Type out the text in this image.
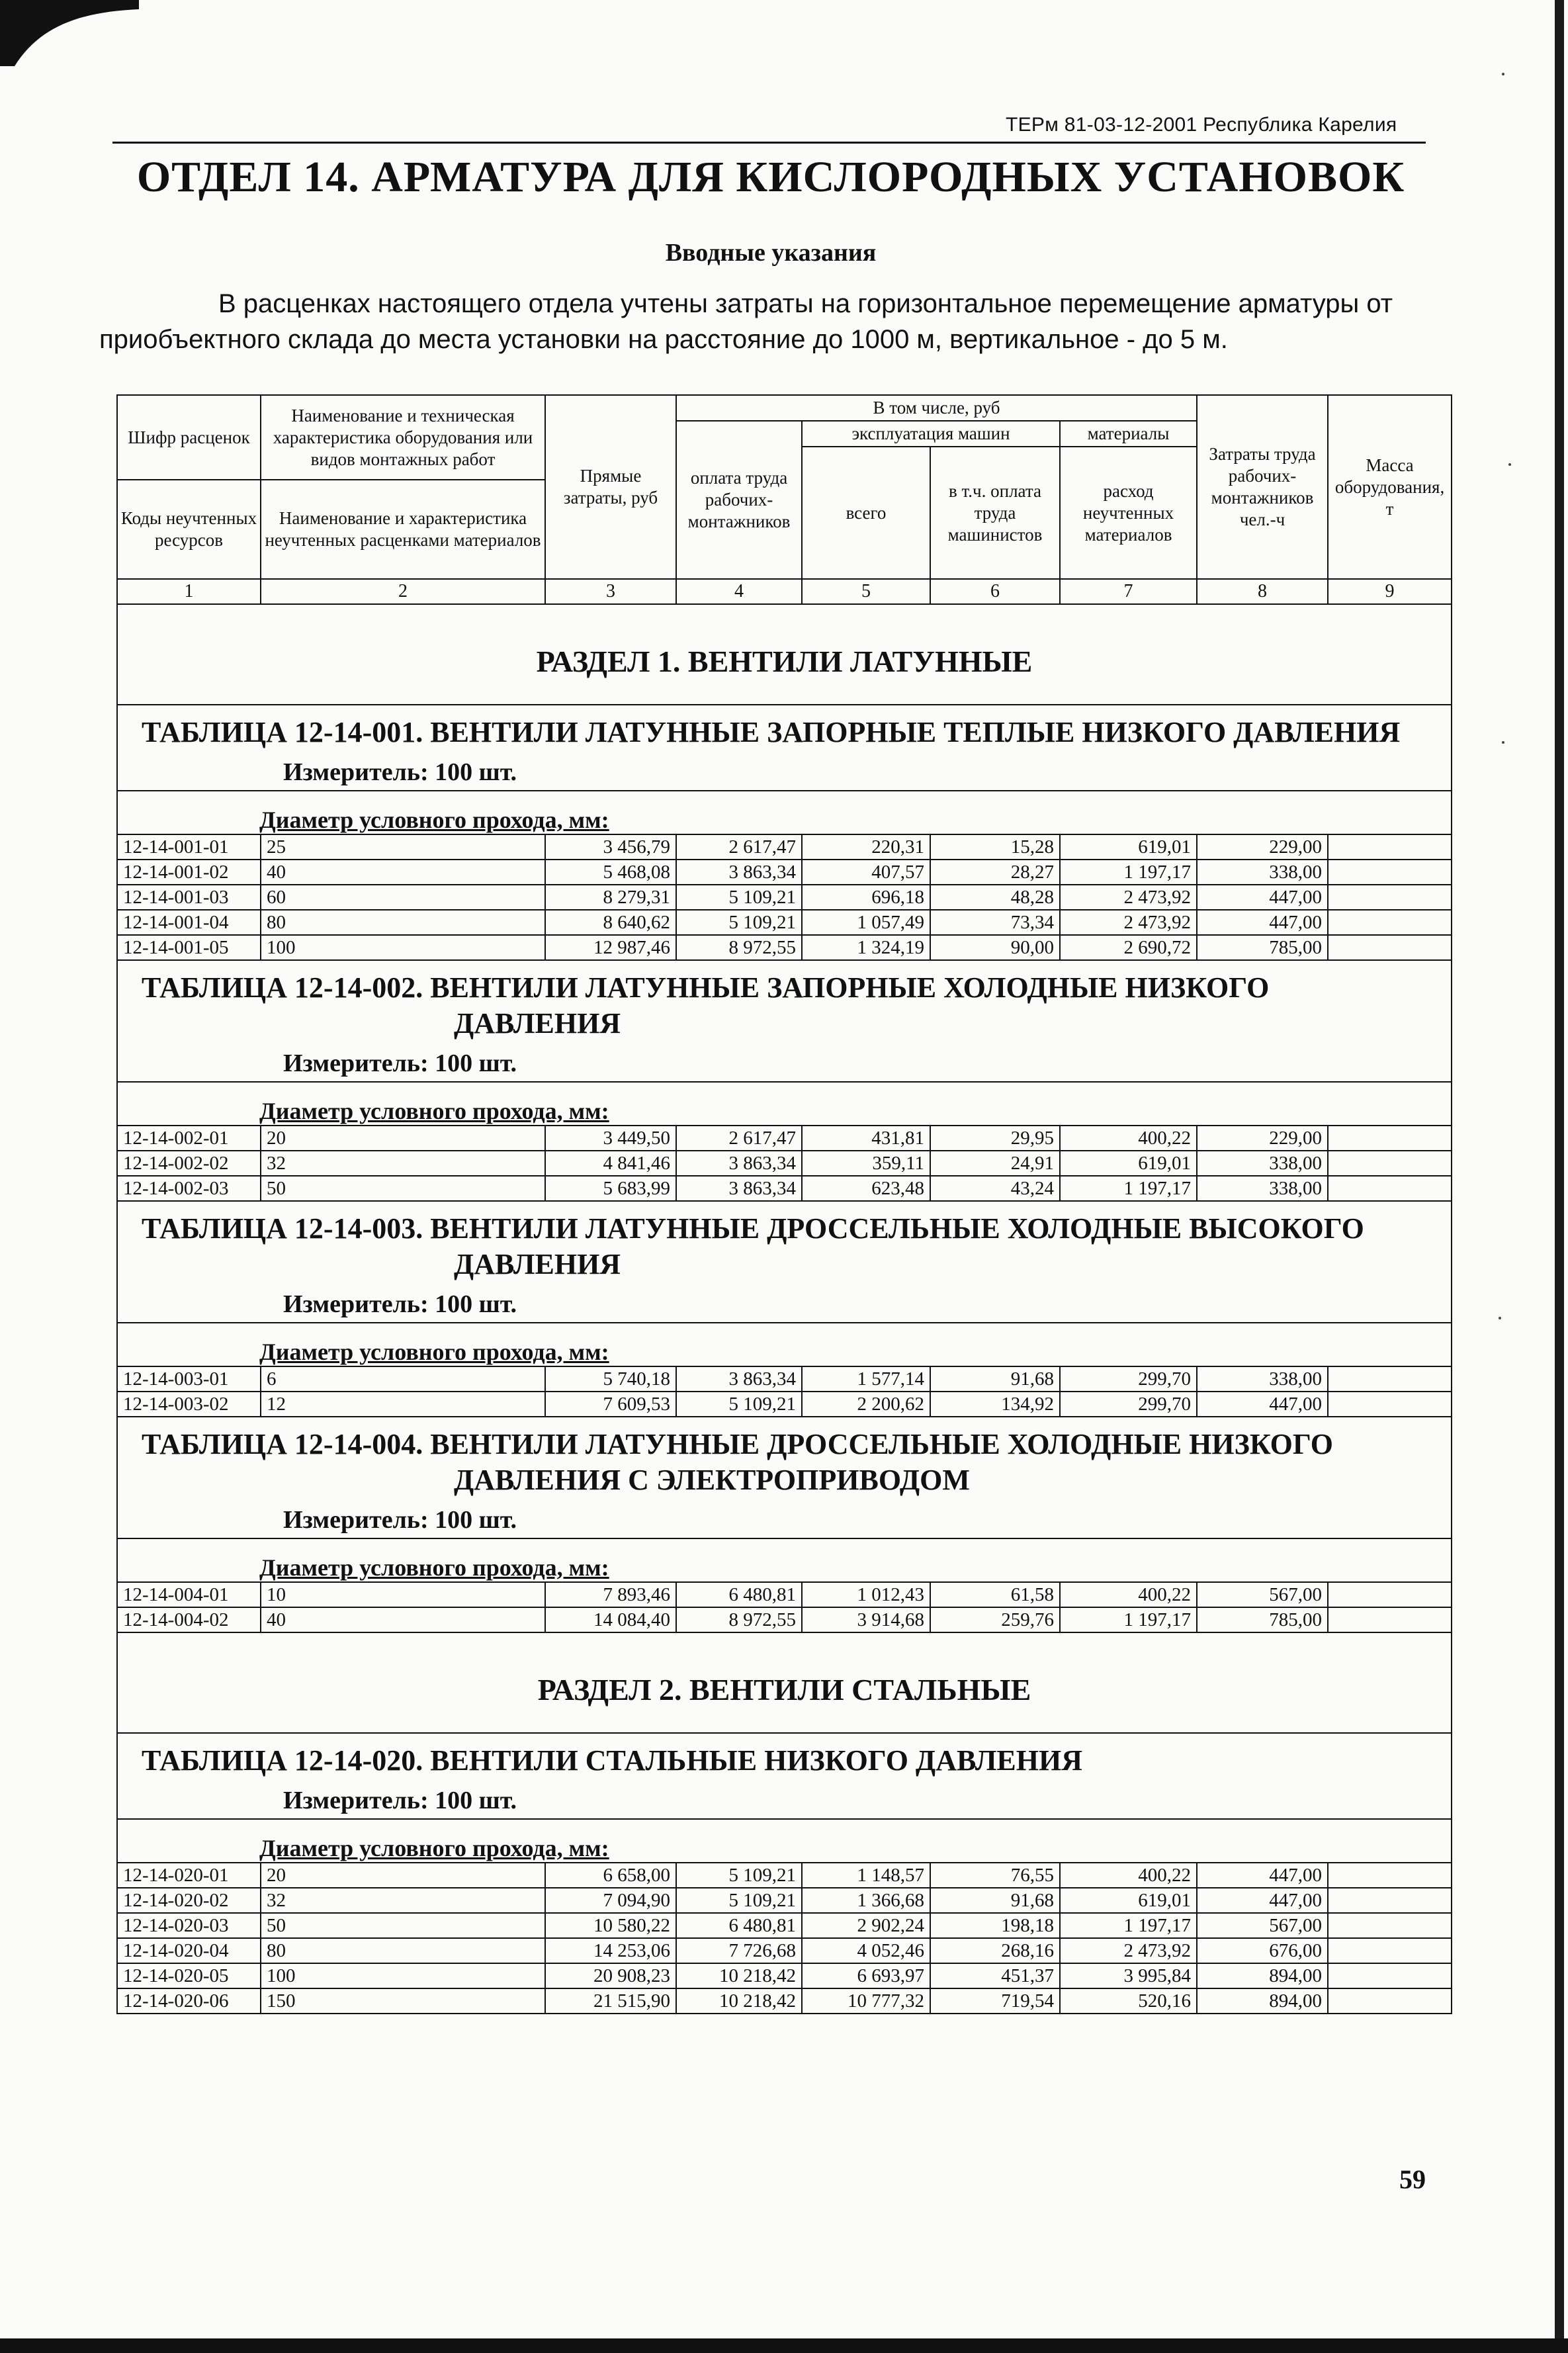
ТЕРм 81-03-12-2001 Республика Карелия
ОТДЕЛ 14. АРМАТУРА ДЛЯ КИСЛОРОДНЫХ УСТАНОВОК
Вводные указания
В расценках настоящего отдела учтены затраты на горизонтальное перемещение арматуры от приобъектного склада до места установки на расстояние до 1000 м, вертикальное - до 5 м.
Шифр расценок	Наименование и техническая характеристика оборудования или видов монтажных работ	Прямые затраты, руб	В том числе, руб				Затраты труда рабочих-монтажников чел.-ч	Масса оборудования, т
			оплата труда рабочих-монтажников	эксплуатация машин		материалы		
				всего	в т.ч. оплата труда машинистов	расход неучтенных материалов		
Коды неучтенных ресурсов	Наименование и характеристика неучтенных расценками материалов							

1	2	3	4	5	6	7	8	9
РАЗДЕЛ 1. ВЕНТИЛИ ЛАТУННЫЕ								

ТАБЛИЦА 12-14-001. ВЕНТИЛИ ЛАТУННЫЕ ЗАПОРНЫЕ ТЕПЛЫЕ НИЗКОГО ДАВЛЕНИЯ
Измеритель: 100 шт.								

Диаметр условного прохода, мм:								
12-14-001-01	25	3 456,79	2 617,47	220,31	15,28	619,01	229,00	
12-14-001-02	40	5 468,08	3 863,34	407,57	28,27	1 197,17	338,00	
12-14-001-03	60	8 279,31	5 109,21	696,18	48,28	2 473,92	447,00	
12-14-001-04	80	8 640,62	5 109,21	1 057,49	73,34	2 473,92	447,00	
12-14-001-05	100	12 987,46	8 972,55	1 324,19	90,00	2 690,72	785,00	

ТАБЛИЦА 12-14-002. ВЕНТИЛИ ЛАТУННЫЕ ЗАПОРНЫЕ ХОЛОДНЫЕ НИЗКОГО
ДАВЛЕНИЯ
Измеритель: 100 шт.								

Диаметр условного прохода, мм:								
12-14-002-01	20	3 449,50	2 617,47	431,81	29,95	400,22	229,00	
12-14-002-02	32	4 841,46	3 863,34	359,11	24,91	619,01	338,00	
12-14-002-03	50	5 683,99	3 863,34	623,48	43,24	1 197,17	338,00	

ТАБЛИЦА 12-14-003. ВЕНТИЛИ ЛАТУННЫЕ ДРОССЕЛЬНЫЕ ХОЛОДНЫЕ ВЫСОКОГО
ДАВЛЕНИЯ
Измеритель: 100 шт.								

Диаметр условного прохода, мм:								
12-14-003-01	6	5 740,18	3 863,34	1 577,14	91,68	299,70	338,00	
12-14-003-02	12	7 609,53	5 109,21	2 200,62	134,92	299,70	447,00	

ТАБЛИЦА 12-14-004. ВЕНТИЛИ ЛАТУННЫЕ ДРОССЕЛЬНЫЕ ХОЛОДНЫЕ НИЗКОГО
ДАВЛЕНИЯ С ЭЛЕКТРОПРИВОДОМ
Измеритель: 100 шт.								

Диаметр условного прохода, мм:								
12-14-004-01	10	7 893,46	6 480,81	1 012,43	61,58	400,22	567,00	
12-14-004-02	40	14 084,40	8 972,55	3 914,68	259,76	1 197,17	785,00	
РАЗДЕЛ 2. ВЕНТИЛИ СТАЛЬНЫЕ								

ТАБЛИЦА 12-14-020. ВЕНТИЛИ СТАЛЬНЫЕ НИЗКОГО ДАВЛЕНИЯ
Измеритель: 100 шт.								

Диаметр условного прохода, мм:								
12-14-020-01	20	6 658,00	5 109,21	1 148,57	76,55	400,22	447,00	
12-14-020-02	32	7 094,90	5 109,21	1 366,68	91,68	619,01	447,00	
12-14-020-03	50	10 580,22	6 480,81	2 902,24	198,18	1 197,17	567,00	
12-14-020-04	80	14 253,06	7 726,68	4 052,46	268,16	2 473,92	676,00	
12-14-020-05	100	20 908,23	10 218,42	6 693,97	451,37	3 995,84	894,00	
12-14-020-06	150	21 515,90	10 218,42	10 777,32	719,54	520,16	894,00	
59
